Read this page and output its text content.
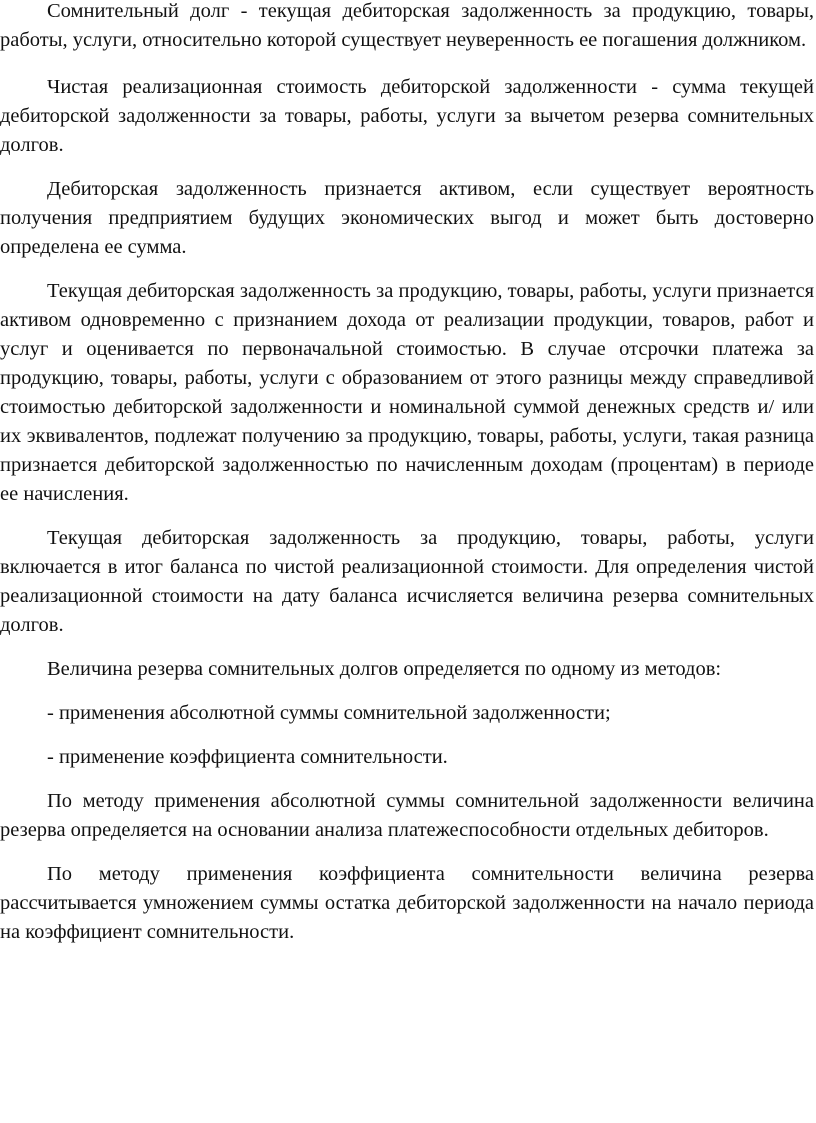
Сомнительный долг - текущая дебиторская задолженность за продукцию, товары, работы, услуги, относительно которой существует неуверенность ее погашения должником.

Чистая реализационная стоимость дебиторской задолженности - сумма текущей дебиторской задолженности за товары, работы, услуги за вычетом резерва сомнительных долгов.

Дебиторская задолженность признается активом, если существует вероятность получения предприятием будущих экономических выгод и может быть достоверно определена ее сумма.

Текущая дебиторская задолженность за продукцию, товары, работы, услуги признается активом одновременно с признанием дохода от реализации продукции, товаров, работ и услуг и оценивается по первоначальной стоимостью. В случае отсрочки платежа за продукцию, товары, работы, услуги с образованием от этого разницы между справедливой стоимостью дебиторской задолженности и номинальной суммой денежных средств и/ или их эквивалентов, подлежат получению за продукцию, товары, работы, услуги, такая разница признается дебиторской задолженностью по начисленным доходам (процентам) в периоде ее начисления.

Текущая дебиторская задолженность за продукцию, товары, работы, услуги включается в итог баланса по чистой реализационной стоимости. Для определения чистой реализационной стоимости на дату баланса исчисляется величина резерва сомнительных долгов.

Величина резерва сомнительных долгов определяется по одному из методов:

- применения абсолютной суммы сомнительной задолженности;

- применение коэффициента сомнительности.

По методу применения абсолютной суммы сомнительной задолженности величина резерва определяется на основании анализа платежеспособности отдельных дебиторов.

По методу применения коэффициента сомнительности величина резерва рассчитывается умножением суммы остатка дебиторской задолженности на начало периода на коэффициент сомнительности.
